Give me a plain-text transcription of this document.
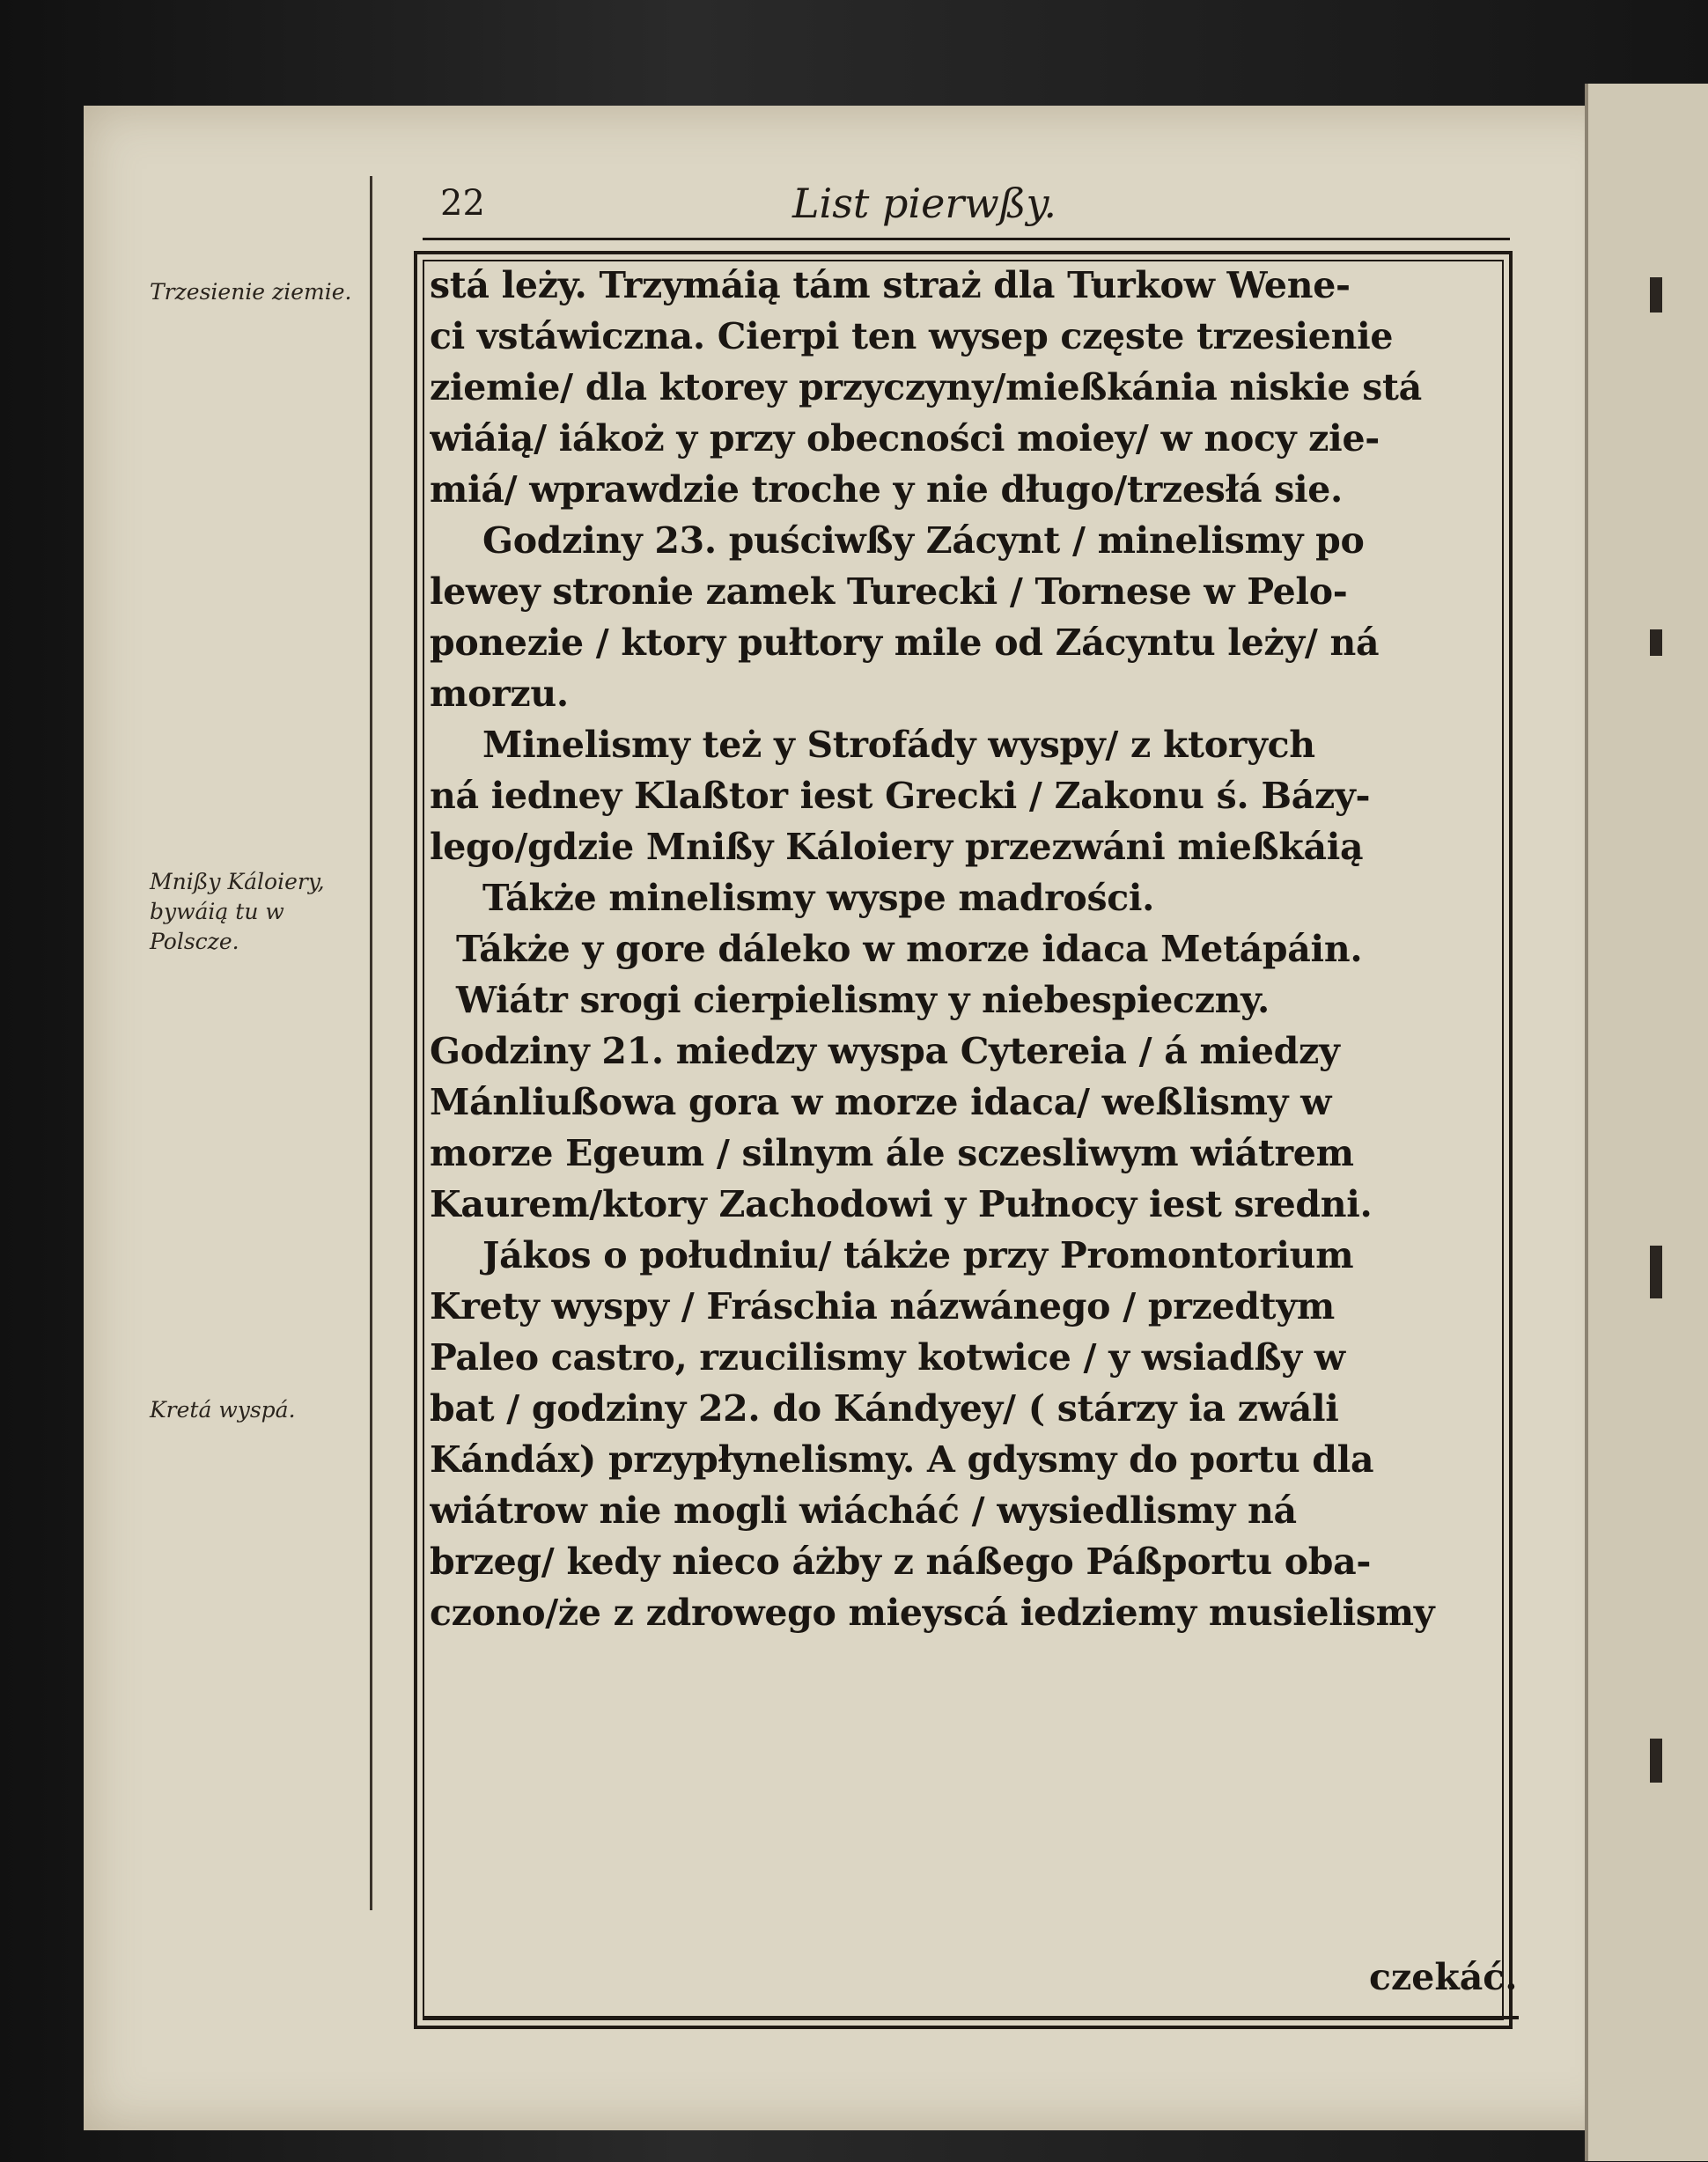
Trzesienie ziemie.
Mnißy Káloiery, bywáią tu w Polscze.
Kretá wyspá.
22	List pierwßy.
stá leży. Trzymáią tám straż dla Turkow Wene-
ci vstáwiczna. Cierpi ten wysep częste trzesienie
ziemie/ dla ktorey przyczyny/mießkánia niskie stá
wiáią/ iákoż y przy obecności moiey/ w nocy zie-
miá/ wprawdzie troche y nie długo/trzesłá sie.
Godziny 23. puściwßy Zácynt / minelismy po
lewey stronie zamek Turecki / Tornese w Pelo-
ponezie / ktory pułtory mile od Zácyntu leży/ ná
morzu.
Minelismy też y Strofády wyspy/ z ktorych
ná iedney Klaßtor iest Grecki / Zakonu ś. Bázy-
lego/gdzie Mnißy Káloiery przezwáni mießkáią
Tákże minelismy wyspe madrości.
Tákże y gore dáleko w morze idaca Metápáin.
Wiátr srogi cierpielismy y niebespieczny.
Godziny 21. miedzy wyspa Cytereia / á miedzy
Mánliußowa gora w morze idaca/ weßlismy w
morze Egeum / silnym ále sczesliwym wiátrem
Kaurem/ktory Zachodowi y Pułnocy iest sredni.
Jákos o południu/ tákże przy Promontorium
Krety wyspy / Fráschia názwánego / przedtym
Paleo castro, rzucilismy kotwice / y wsiadßy w
bat / godziny 22. do Kándyey/ ( stárzy ia zwáli
Kándáx) przypłynelismy. A gdysmy do portu dla
wiátrow nie mogli wiácháć / wysiedlismy ná
brzeg/ kedy nieco áżby z náßego Páßportu oba-
czono/że z zdrowego mieyscá iedziemy musielismy
czekáć.
